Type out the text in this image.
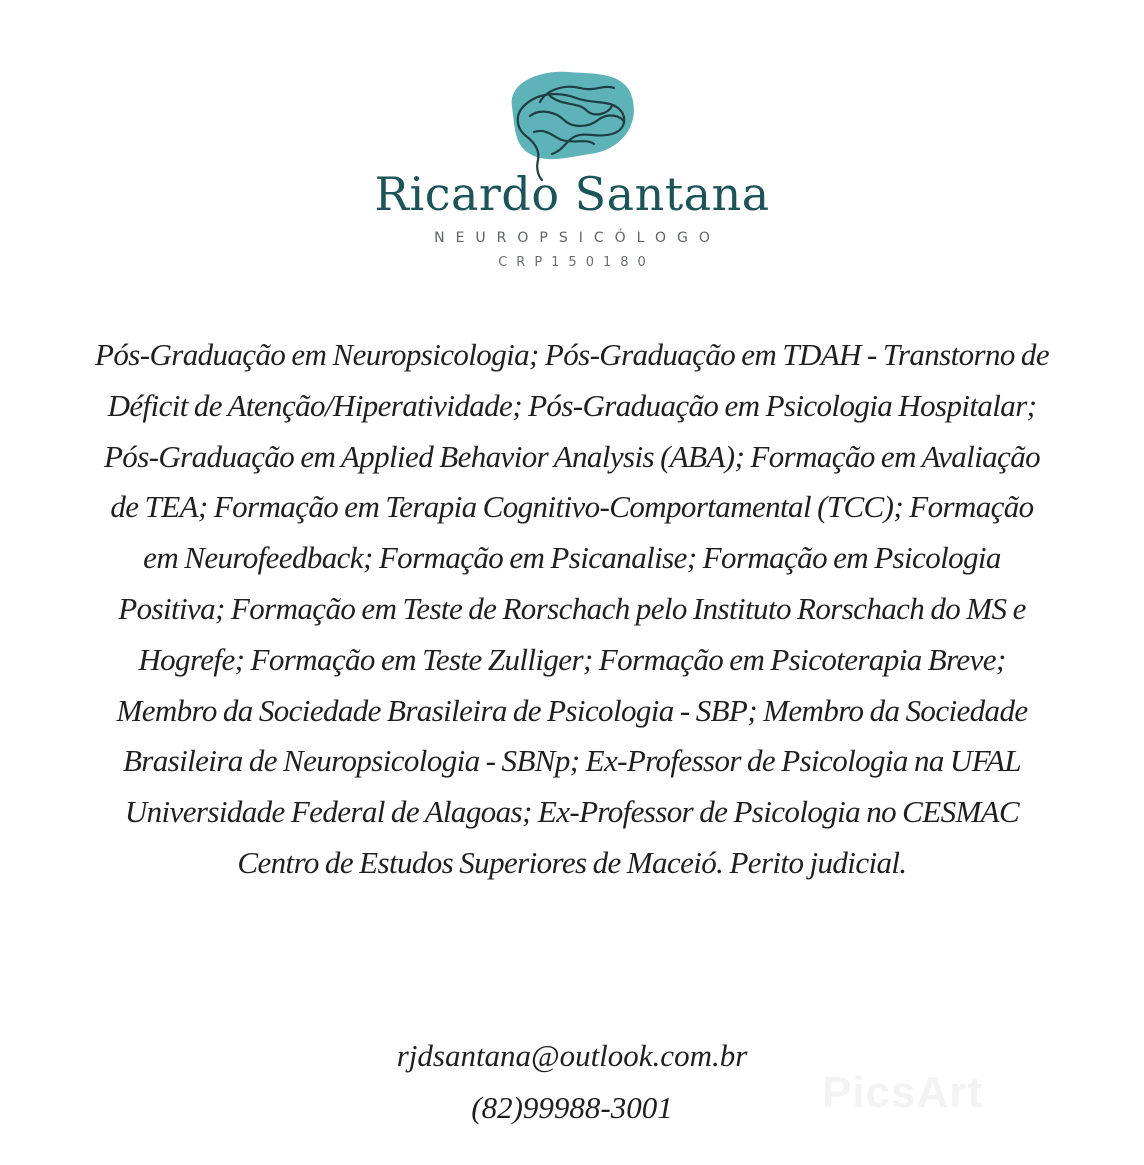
Ricardo Santana
NEUROPSICÓLOGO
CRP150180

Pós-Graduação em Neuropsicologia; Pós-Graduação em TDAH - Transtorno de Déficit de Atenção/Hiperatividade; Pós-Graduação em Psicologia Hospitalar; Pós-Graduação em Applied Behavior Analysis (ABA); Formação em Avaliação de TEA; Formação em Terapia Cognitivo-Comportamental (TCC); Formação em Neurofeedback; Formação em Psicanalise; Formação em Psicologia Positiva; Formação em Teste de Rorschach pelo Instituto Rorschach do MS e Hogrefe; Formação em Teste Zulliger; Formação em Psicoterapia Breve; Membro da Sociedade Brasileira de Psicologia - SBP; Membro da Sociedade Brasileira de Neuropsicologia - SBNp; Ex-Professor de Psicologia na UFAL Universidade Federal de Alagoas; Ex-Professor de Psicologia no CESMAC Centro de Estudos Superiores de Maceió. Perito judicial.

rjdsantana@outlook.com.br
(82)99988-3001	PicsArt
